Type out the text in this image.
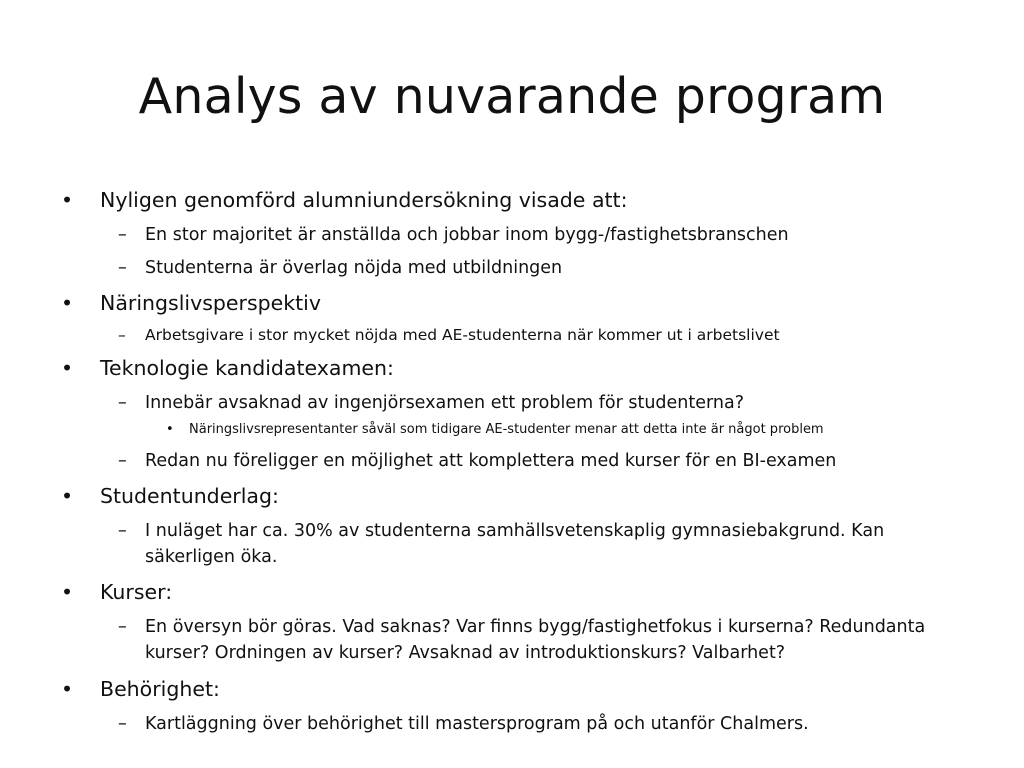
Analys av nuvarande program
• Nyligen genomförd alumniundersökning visade att:
– En stor majoritet är anställda och jobbar inom bygg-/fastighetsbranschen
– Studenterna är överlag nöjda med utbildningen
• Näringslivsperspektiv
– Arbetsgivare i stor mycket nöjda med AE-studenterna när kommer ut i arbetslivet
• Teknologie kandidatexamen:
– Innebär avsaknad av ingenjörsexamen ett problem för studenterna?
• Näringslivsrepresentanter såväl som tidigare AE-studenter menar att detta inte är något problem
– Redan nu föreligger en möjlighet att komplettera med kurser för en BI-examen
• Studentunderlag:
– I nuläget har ca. 30% av studenterna samhällsvetenskaplig gymnasiebakgrund. Kan
säkerligen öka.
• Kurser:
– En översyn bör göras. Vad saknas? Var finns bygg/fastighetfokus i kurserna? Redundanta
kurser? Ordningen av kurser? Avsaknad av introduktionskurs? Valbarhet?
• Behörighet:
– Kartläggning över behörighet till mastersprogram på och utanför Chalmers.
